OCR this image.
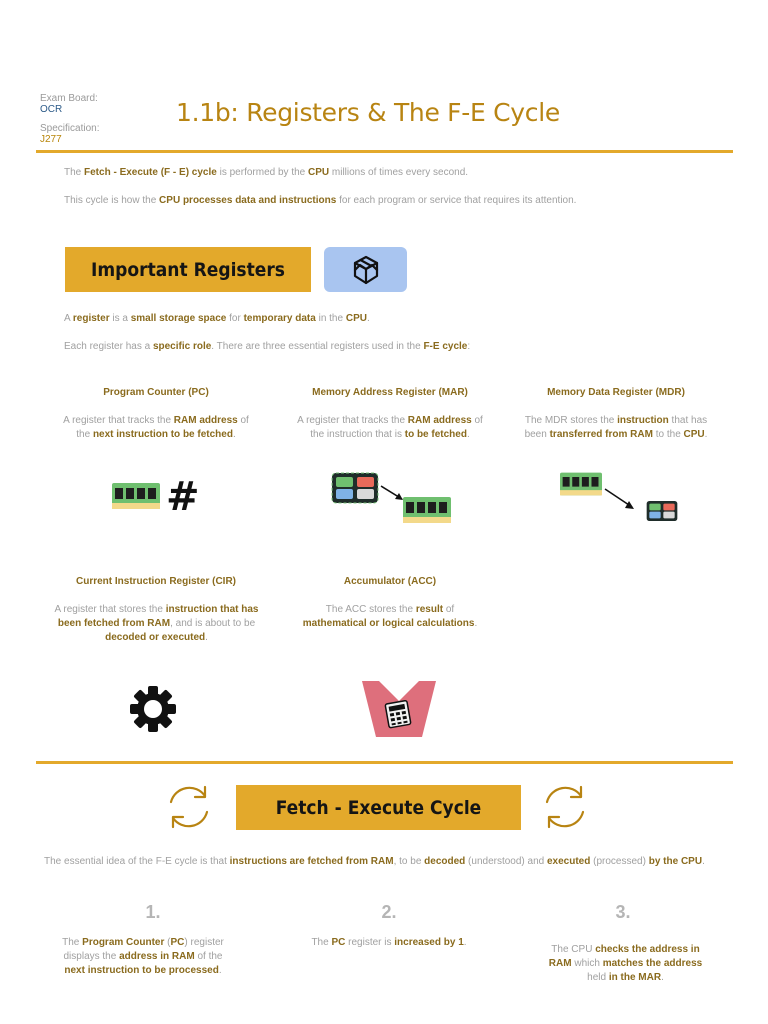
Exam Board:
OCR
Specification:
J277
1.1b: Registers & The F-E Cycle
The Fetch - Execute (F - E) cycle is performed by the CPU millions of times every second.
This cycle is how the CPU processes data and instructions for each program or service that requires its attention.
Important Registers
A register is a small storage space for temporary data in the CPU.
Each register has a specific role. There are three essential registers used in the F-E cycle:
Program Counter (PC)
A register that tracks the RAM address of the next instruction to be fetched.
#
Memory Address Register (MAR)
A register that tracks the RAM address of the instruction that is to be fetched.
Memory Data Register (MDR)
The MDR stores the instruction that has been transferred from RAM to the CPU.
Current Instruction Register (CIR)
A register that stores the instruction that has been fetched from RAM, and is about to be decoded or executed.
Accumulator (ACC)
The ACC stores the result of
mathematical or logical calculations.
Fetch - Execute Cycle
The essential idea of the F-E cycle is that instructions are fetched from RAM, to be decoded (understood) and executed (processed) by the CPU.
1.
The Program Counter (PC) register displays the address in RAM of the next instruction to be processed.
2.
The PC register is increased by 1.
3.
The CPU checks the address in RAM which matches the address held in the MAR.
